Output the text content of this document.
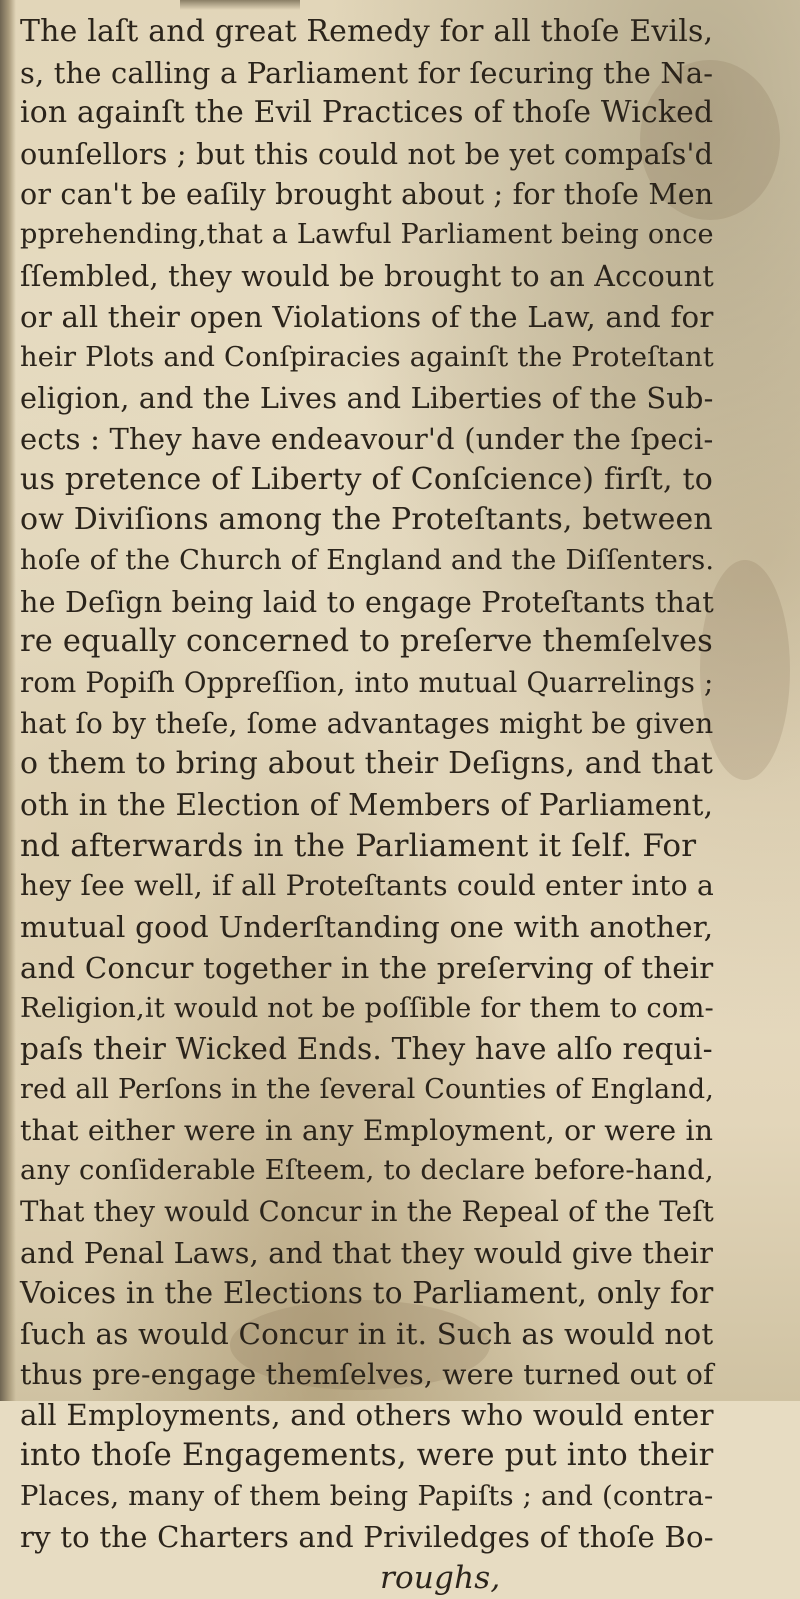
The laſt and great Remedy for all thoſe Evils,
s, the calling a Parliament for ſecuring the Na-
ion againſt the Evil Practices of thoſe Wicked
ounſellors ; but this could not be yet compaſs'd
or can't be eaſily brought about ; for thoſe Men
pprehending,that a Lawful Parliament being once
ſſembled, they would be brought to an Account
or all their open Violations of the Law, and for
heir Plots and Conſpiracies againſt the Proteſtant
eligion, and the Lives and Liberties of the Sub-
ects : They have endeavour'd (under the ſpeci-
us pretence of Liberty of Conſcience) firſt, to
ow Diviſions among the Proteſtants, between
hoſe of the Church of England and the Diſſenters.
he Deſign being laid to engage Proteſtants that
re equally concerned to preſerve themſelves
rom Popiſh Oppreſſion, into mutual Quarrelings ;
hat ſo by theſe, ſome advantages might be given
o them to bring about their Deſigns, and that
oth in the Election of Members of Parliament,
nd afterwards in the Parliament it ſelf. For
hey ſee well, if all Proteſtants could enter into a
mutual good Underſtanding one with another,
and Concur together in the preſerving of their
Religion,it would not be poſſible for them to com-
paſs their Wicked Ends. They have alſo requi-
red all Perſons in the ſeveral Counties of England,
that either were in any Employment, or were in
any conſiderable Eſteem, to declare before-hand,
That they would Concur in the Repeal of the Teſt
and Penal Laws, and that they would give their
Voices in the Elections to Parliament, only for
ſuch as would Concur in it. Such as would not
thus pre-engage themſelves, were turned out of
all Employments, and others who would enter
into thoſe Engagements, were put into their
Places, many of them being Papiſts ; and (contra-
ry to the Charters and Priviledges of thoſe Bo-
roughs,
